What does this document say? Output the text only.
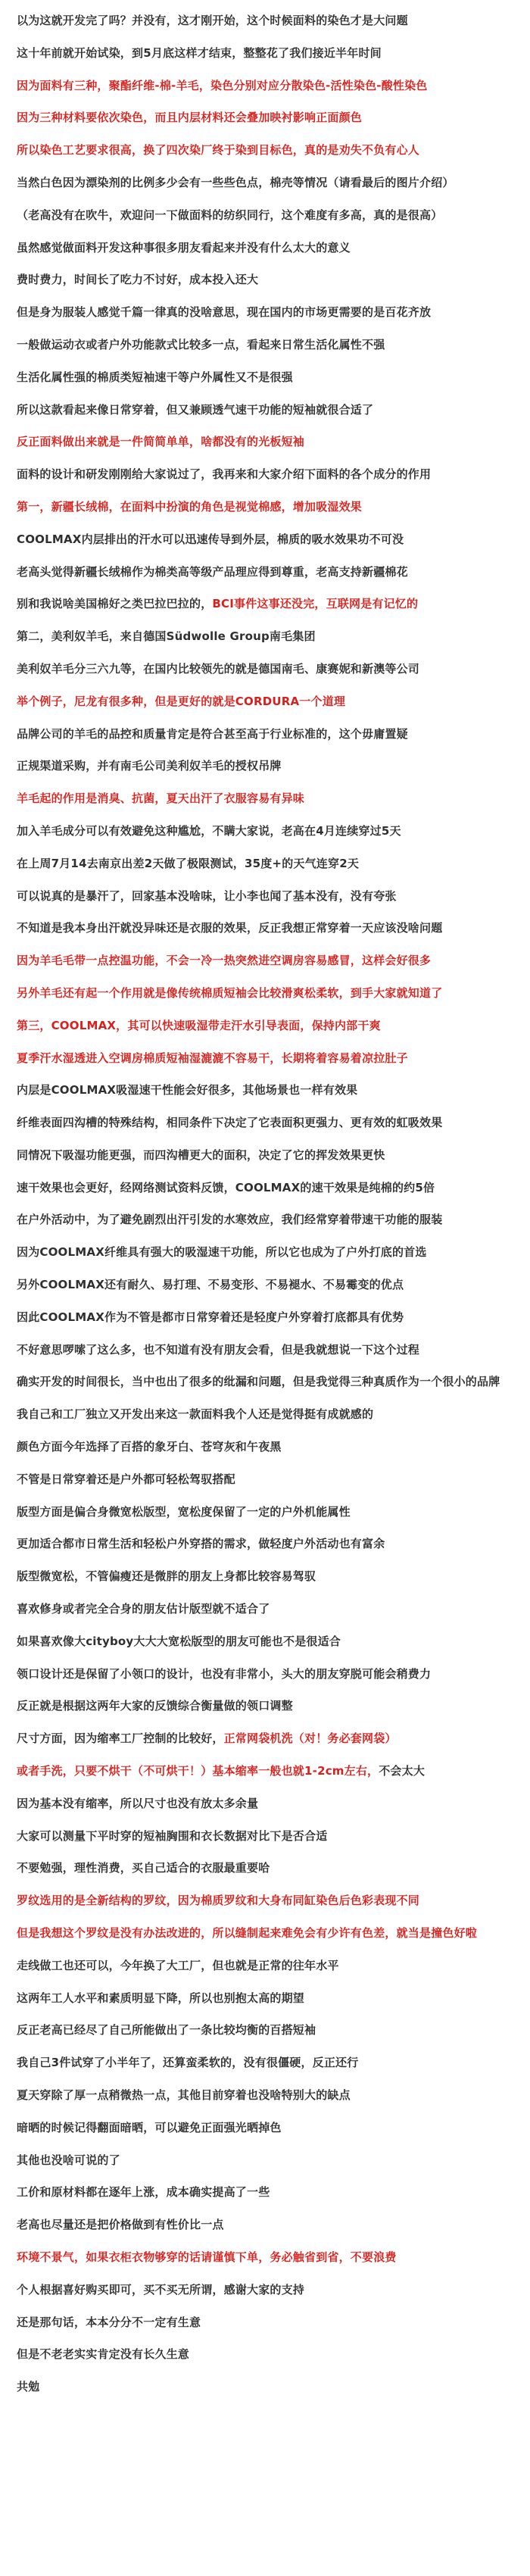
以为这就开发完了吗？并没有，这才刚开始，这个时候面料的染色才是大问题
这十年前就开始试染，到5月底这样才结束，整整花了我们接近半年时间
因为面料有三种，聚酯纤维-棉-羊毛，染色分别对应分散染色-活性染色-酸性染色
因为三种材料要依次染色，而且内层材料还会叠加映衬影响正面颜色
所以染色工艺要求很高，换了四次染厂终于染到目标色，真的是劝失不负有心人
当然白色因为漂染剂的比例多少会有一些些色点，棉壳等情况（请看最后的图片介绍）
（老高没有在吹牛，欢迎问一下做面料的纺织同行，这个难度有多高，真的是很高）
虽然感觉做面料开发这种事很多朋友看起来并没有什么太大的意义
费时费力，时间长了吃力不讨好，成本投入还大
但是身为服装人感觉千篇一律真的没啥意思，现在国内的市场更需要的是百花齐放
一般做运动衣或者户外功能款式比较多一点，看起来日常生活化属性不强
生活化属性强的棉质类短袖速干等户外属性又不是很强
所以这款看起来像日常穿着，但又兼顾透气速干功能的短袖就很合适了
反正面料做出来就是一件简简单单，啥都没有的光板短袖
面料的设计和研发刚刚给大家说过了，我再来和大家介绍下面料的各个成分的作用
第一，新疆长绒棉，在面料中扮演的角色是视觉棉感，增加吸湿效果
COOLMAX内层排出的汗水可以迅速传导到外层，棉质的吸水效果功不可没
老高头觉得新疆长绒棉作为棉类高等级产品理应得到尊重，老高支持新疆棉花
别和我说啥美国棉好之类巴拉巴拉的，BCI事件这事还没完，互联网是有记忆的
第二，美利奴羊毛，来自德国Südwolle Group南毛集团
美利奴羊毛分三六九等，在国内比较领先的就是德国南毛、康赛妮和新澳等公司
举个例子，尼龙有很多种，但是更好的就是CORDURA一个道理
品牌公司的羊毛的品控和质量肯定是符合甚至高于行业标准的，这个毋庸置疑
正规渠道采购，并有南毛公司美利奴羊毛的授权吊牌
羊毛起的作用是消臭、抗菌，夏天出汗了衣服容易有异味
加入羊毛成分可以有效避免这种尴尬，不瞒大家说，老高在4月连续穿过5天
在上周7月14去南京出差2天做了极限测试，35度+的天气连穿2天
可以说真的是暴汗了，回家基本没啥味，让小李也闻了基本没有，没有夸张
不知道是我本身出汗就没异味还是衣服的效果，反正我想正常穿着一天应该没啥问题
因为羊毛毛带一点控温功能，不会一冷一热突然进空调房容易感冒，这样会好很多
另外羊毛还有起一个作用就是像传统棉质短袖会比较滑爽松柔软，到手大家就知道了
第三，COOLMAX，其可以快速吸湿带走汗水引导表面，保持内部干爽
夏季汗水湿透进入空调房棉质短袖湿漉漉不容易干，长期将着容易着凉拉肚子
内层是COOLMAX吸湿速干性能会好很多，其他场景也一样有效果
纤维表面四沟槽的特殊结构，相同条件下决定了它表面积更强力、更有效的虹吸效果
同情况下吸湿功能更强，而四沟槽更大的面积，决定了它的挥发效果更快
速干效果也会更好，经网络测试资料反馈，COOLMAX的速干效果是纯棉的约5倍
在户外活动中，为了避免剧烈出汗引发的水寒效应，我们经常穿着带速干功能的服装
因为COOLMAX纤维具有强大的吸湿速干功能，所以它也成为了户外打底的首选
另外COOLMAX还有耐久、易打理、不易变形、不易褪水、不易霉变的优点
因此COOLMAX作为不管是都市日常穿着还是轻度户外穿着打底都具有优势
不好意思啰嗦了这么多，也不知道有没有朋友会看，但是我就想说一下这个过程
确实开发的时间很长，当中也出了很多的纰漏和问题，但是我觉得三种真质作为一个很小的品牌
我自己和工厂独立又开发出来这一款面料我个人还是觉得挺有成就感的
颜色方面今年选择了百搭的象牙白、苍穹灰和午夜黑
不管是日常穿着还是户外都可轻松驾驭搭配
版型方面是偏合身微宽松版型，宽松度保留了一定的户外机能属性
更加适合都市日常生活和轻松户外穿搭的需求，做轻度户外活动也有富余
版型微宽松，不管偏瘦还是微胖的朋友上身都比较容易驾驭
喜欢修身或者完全合身的朋友估计版型就不适合了
如果喜欢像大cityboy大大大宽松版型的朋友可能也不是很适合
领口设计还是保留了小领口的设计，也没有非常小，头大的朋友穿脱可能会稍费力
反正就是根据这两年大家的反馈综合衡量做的领口调整
尺寸方面，因为缩率工厂控制的比较好，正常网袋机洗（对！务必套网袋）
或者手洗，只要不烘干（不可烘干！）基本缩率一般也就1-2cm左右，不会太大
因为基本没有缩率，所以尺寸也没有放太多余量
大家可以测量下平时穿的短袖胸围和衣长数据对比下是否合适
不要勉强，理性消费，买自己适合的衣服最重要哈
罗纹选用的是全新结构的罗纹，因为棉质罗纹和大身布同缸染色后色彩表现不同
但是我想这个罗纹是没有办法改进的，所以缝制起来难免会有少许有色差，就当是撞色好啦
走线做工也还可以，今年换了大工厂，但也就是正常的往年水平
这两年工人水平和素质明显下降，所以也别抱太高的期望
反正老高已经尽了自己所能做出了一条比较均衡的百搭短袖
我自己3件试穿了小半年了，还算蛮柔软的，没有很僵硬，反正还行
夏天穿除了厚一点稍微热一点，其他目前穿着也没啥特别大的缺点
暗晒的时候记得翻面暗晒，可以避免正面强光晒掉色
其他也没啥可说的了
工价和原材料都在逐年上涨，成本确实提高了一些
老高也尽量还是把价格做到有性价比一点
环境不景气，如果衣柜衣物够穿的话请谨慎下单，务必触省到省，不要浪费
个人根据喜好购买即可，买不买无所谓，感谢大家的支持
还是那句话，本本分分不一定有生意
但是不老老实实肯定没有长久生意
共勉
